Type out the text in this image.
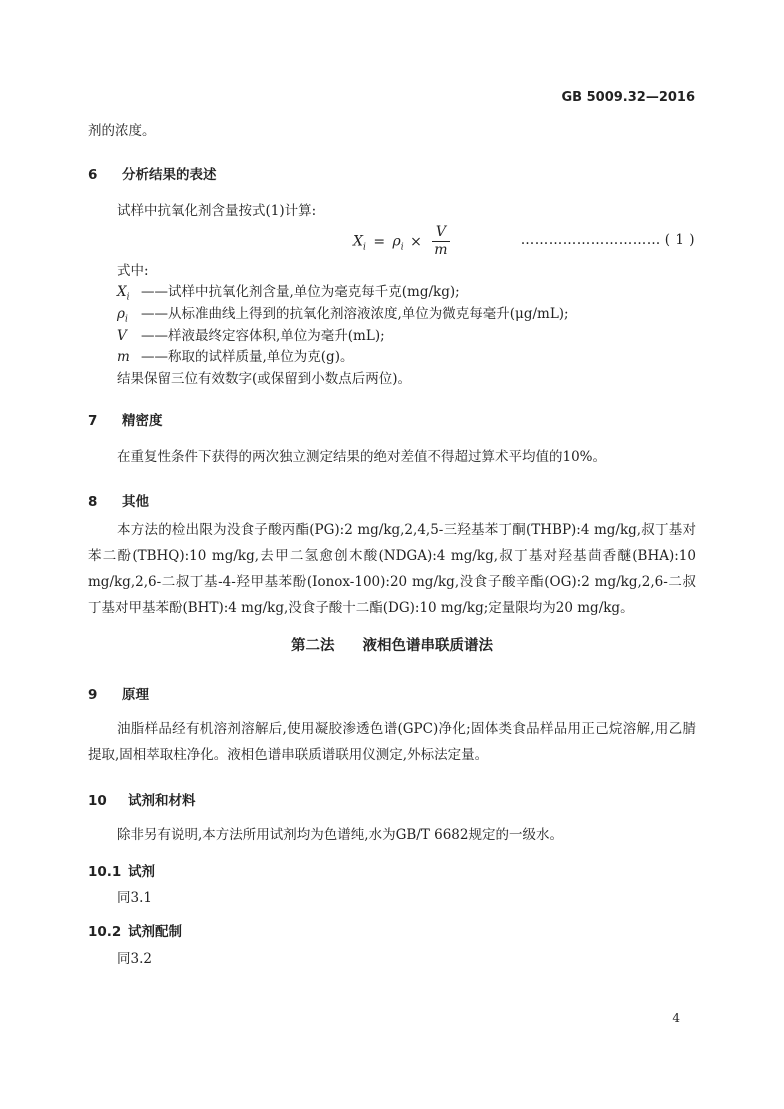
GB 5009.32—2016
剂的浓度。
6 分析结果的表述
试样中抗氧化剂含量按式(1)计算:
$X_i = \rho_i \times \frac{V}{m}$	………………………… ( 1 )
式中:
$X_i$ ——试样中抗氧化剂含量,单位为毫克每千克(mg/kg);
$\rho_i$ ——从标准曲线上得到的抗氧化剂溶液浓度,单位为微克每毫升(μg/mL);
V ——样液最终定容体积,单位为毫升(mL);
m ——称取的试样质量,单位为克(g)。
结果保留三位有效数字(或保留到小数点后两位)。
7 精密度
在重复性条件下获得的两次独立测定结果的绝对差值不得超过算术平均值的10%。
8 其他
本方法的检出限为没食子酸丙酯(PG):2 mg/kg,2,4,5-三羟基苯丁酮(THBP):4 mg/kg,叔丁基对苯二酚(TBHQ):10 mg/kg,去甲二氢愈创木酸(NDGA):4 mg/kg,叔丁基对羟基茴香醚(BHA):10 mg/kg,2,6-二叔丁基-4-羟甲基苯酚(Ionox-100):20 mg/kg,没食子酸辛酯(OG):2 mg/kg,2,6-二叔丁基对甲基苯酚(BHT):4 mg/kg,没食子酸十二酯(DG):10 mg/kg;定量限均为20 mg/kg。
第二法 液相色谱串联质谱法
9 原理
油脂样品经有机溶剂溶解后,使用凝胶渗透色谱(GPC)净化;固体类食品样品用正己烷溶解,用乙腈提取,固相萃取柱净化。液相色谱串联质谱联用仪测定,外标法定量。
10 试剂和材料
除非另有说明,本方法所用试剂均为色谱纯,水为GB/T 6682规定的一级水。
10.1 试剂
同3.1
10.2 试剂配制
同3.2
4
